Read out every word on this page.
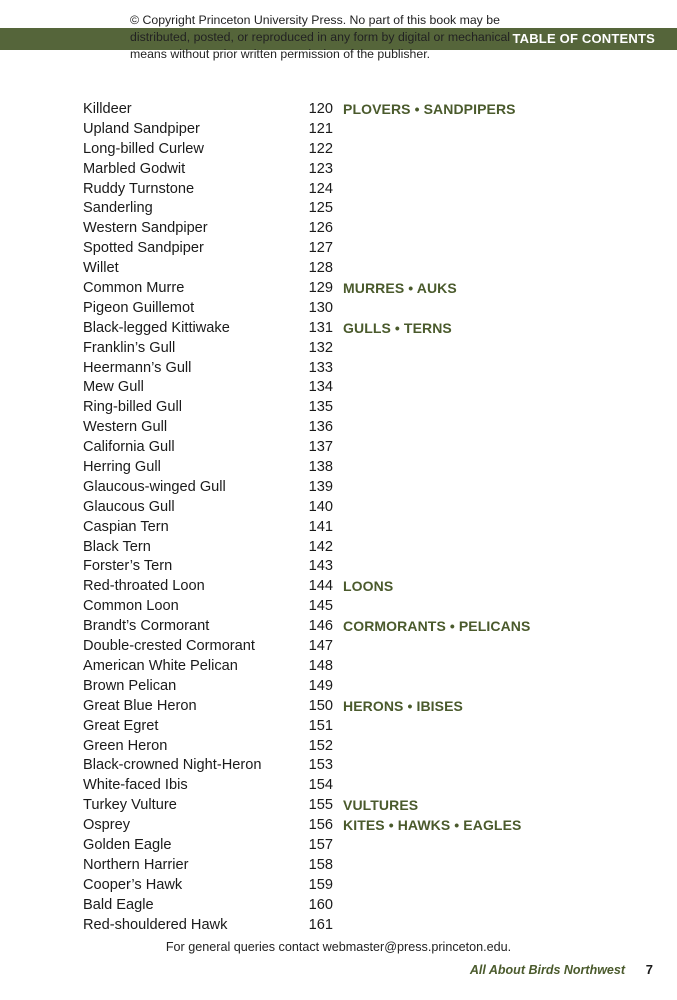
TABLE OF CONTENTS
© Copyright Princeton University Press. No part of this book may be distributed, posted, or reproduced in any form by digital or mechanical means without prior written permission of the publisher.
Killdeer	120 PLOVERS • SANDPIPERS
Upland Sandpiper	121
Long-billed Curlew	122
Marbled Godwit	123
Ruddy Turnstone	124
Sanderling	125
Western Sandpiper	126
Spotted Sandpiper	127
Willet	128
Common Murre	129 MURRES • AUKS
Pigeon Guillemot	130
Black-legged Kittiwake	131 GULLS • TERNS
Franklin’s Gull	132
Heermann’s Gull	133
Mew Gull	134
Ring-billed Gull	135
Western Gull	136
California Gull	137
Herring Gull	138
Glaucous-winged Gull	139
Glaucous Gull	140
Caspian Tern	141
Black Tern	142
Forster’s Tern	143
Red-throated Loon	144 LOONS
Common Loon	145
Brandt’s Cormorant	146 CORMORANTS • PELICANS
Double-crested Cormorant	147
American White Pelican	148
Brown Pelican	149
Great Blue Heron	150 HERONS • IBISES
Great Egret	151
Green Heron	152
Black-crowned Night-Heron	153
White-faced Ibis	154
Turkey Vulture	155 VULTURES
Osprey	156 KITES • HAWKS • EAGLES
Golden Eagle	157
Northern Harrier	158
Cooper’s Hawk	159
Bald Eagle	160
Red-shouldered Hawk	161
For general queries contact webmaster@press.princeton.edu.
All About Birds Northwest 7
